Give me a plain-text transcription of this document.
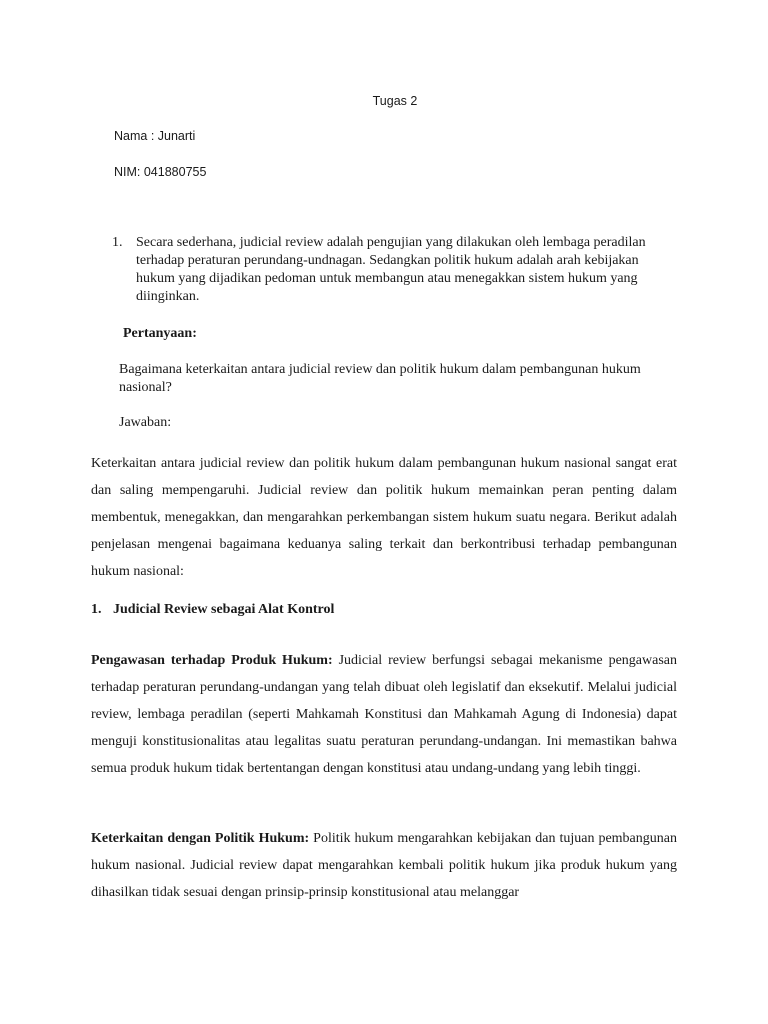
Tugas 2
Nama : Junarti
NIM: 041880755
1. Secara sederhana, judicial review adalah pengujian yang dilakukan oleh lembaga peradilan terhadap peraturan perundang-undnagan. Sedangkan politik hukum adalah arah kebijakan hukum yang dijadikan pedoman untuk membangun atau menegakkan sistem hukum yang diinginkan.
Pertanyaan:
Bagaimana keterkaitan antara judicial review dan politik hukum dalam pembangunan hukum nasional?
Jawaban:

Keterkaitan antara judicial review dan politik hukum dalam pembangunan hukum nasional sangat erat dan saling mempengaruhi. Judicial review dan politik hukum memainkan peran penting dalam membentuk, menegakkan, dan mengarahkan perkembangan sistem hukum suatu negara. Berikut adalah penjelasan mengenai bagaimana keduanya saling terkait dan berkontribusi terhadap pembangunan hukum nasional:

1. Judicial Review sebagai Alat Kontrol

Pengawasan terhadap Produk Hukum: Judicial review berfungsi sebagai mekanisme pengawasan terhadap peraturan perundang-undangan yang telah dibuat oleh legislatif dan eksekutif. Melalui judicial review, lembaga peradilan (seperti Mahkamah Konstitusi dan Mahkamah Agung di Indonesia) dapat menguji konstitusionalitas atau legalitas suatu peraturan perundang-undangan. Ini memastikan bahwa semua produk hukum tidak bertentangan dengan konstitusi atau undang-undang yang lebih tinggi.

Keterkaitan dengan Politik Hukum: Politik hukum mengarahkan kebijakan dan tujuan pembangunan hukum nasional. Judicial review dapat mengarahkan kembali politik hukum jika produk hukum yang dihasilkan tidak sesuai dengan prinsip-prinsip konstitusional atau melanggar
